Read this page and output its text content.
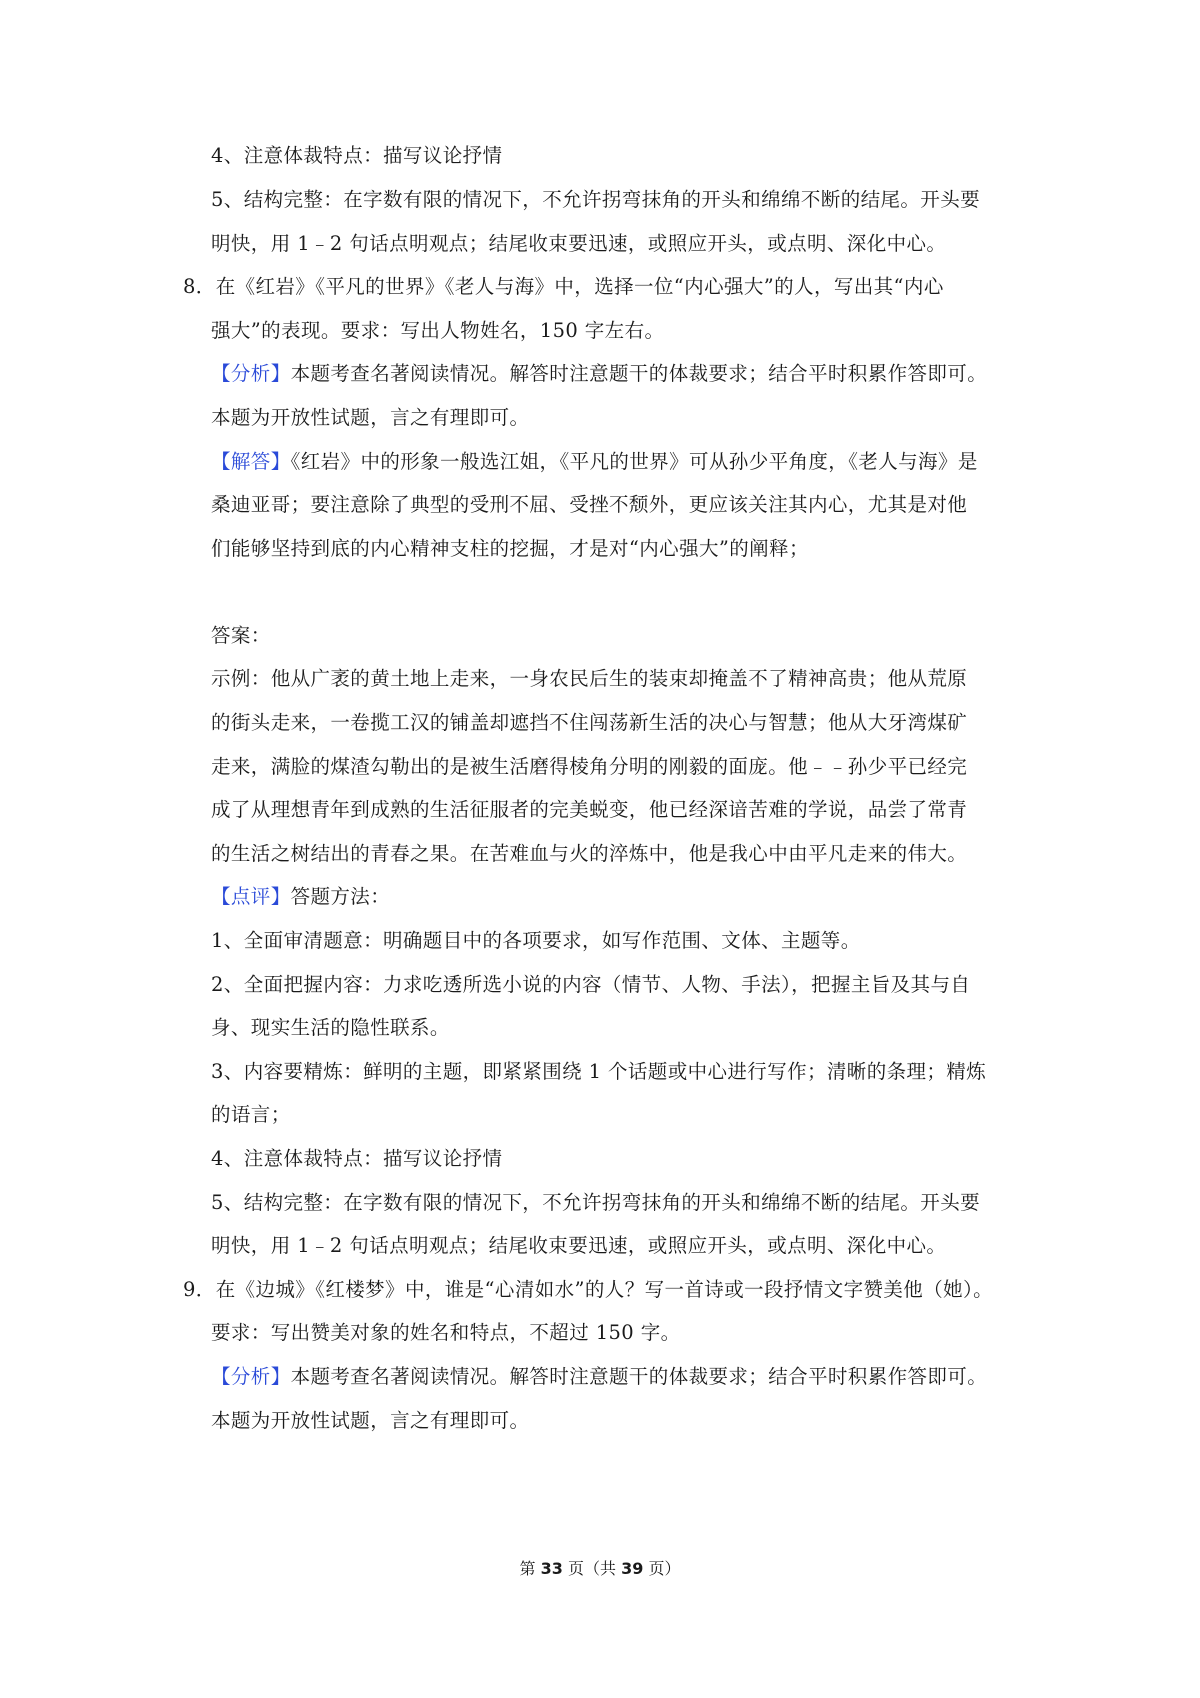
4、注意体裁特点：描写议论抒情
5、结构完整：在字数有限的情况下，不允许拐弯抹角的开头和绵绵不断的结尾。开头要
明快，用 1﹣2 句话点明观点；结尾收束要迅速，或照应开头，或点明、深化中心。
8．在《红岩》《平凡的世界》《老人与海》中，选择一位“内心强大”的人，写出其“内心
强大”的表现。要求：写出人物姓名，150 字左右。
【分析】本题考查名著阅读情况。解答时注意题干的体裁要求；结合平时积累作答即可。
本题为开放性试题，言之有理即可。
【解答】《红岩》中的形象一般选江姐，《平凡的世界》可从孙少平角度，《老人与海》是
桑迪亚哥；要注意除了典型的受刑不屈、受挫不颓外，更应该关注其内心，尤其是对他
们能够坚持到底的内心精神支柱的挖掘，才是对“内心强大”的阐释；
答案：
示例：他从广袤的黄土地上走来，一身农民后生的装束却掩盖不了精神高贵；他从荒原
的街头走来，一卷揽工汉的铺盖却遮挡不住闯荡新生活的决心与智慧；他从大牙湾煤矿
走来，满脸的煤渣勾勒出的是被生活磨得棱角分明的刚毅的面庞。他﹣﹣孙少平已经完
成了从理想青年到成熟的生活征服者的完美蜕变，他已经深谙苦难的学说，品尝了常青
的生活之树结出的青春之果。在苦难血与火的淬炼中，他是我心中由平凡走来的伟大。
【点评】答题方法：
1、全面审清题意：明确题目中的各项要求，如写作范围、文体、主题等。
2、全面把握内容：力求吃透所选小说的内容（情节、人物、手法），把握主旨及其与自
身、现实生活的隐性联系。
3、内容要精炼：鲜明的主题，即紧紧围绕 1 个话题或中心进行写作；清晰的条理；精炼
的语言；
4、注意体裁特点：描写议论抒情
5、结构完整：在字数有限的情况下，不允许拐弯抹角的开头和绵绵不断的结尾。开头要
明快，用 1﹣2 句话点明观点；结尾收束要迅速，或照应开头，或点明、深化中心。
9．在《边城》《红楼梦》中，谁是“心清如水”的人？写一首诗或一段抒情文字赞美他（她）。
要求：写出赞美对象的姓名和特点，不超过 150 字。
【分析】本题考查名著阅读情况。解答时注意题干的体裁要求；结合平时积累作答即可。
本题为开放性试题，言之有理即可。
第 33 页（共 39 页）
